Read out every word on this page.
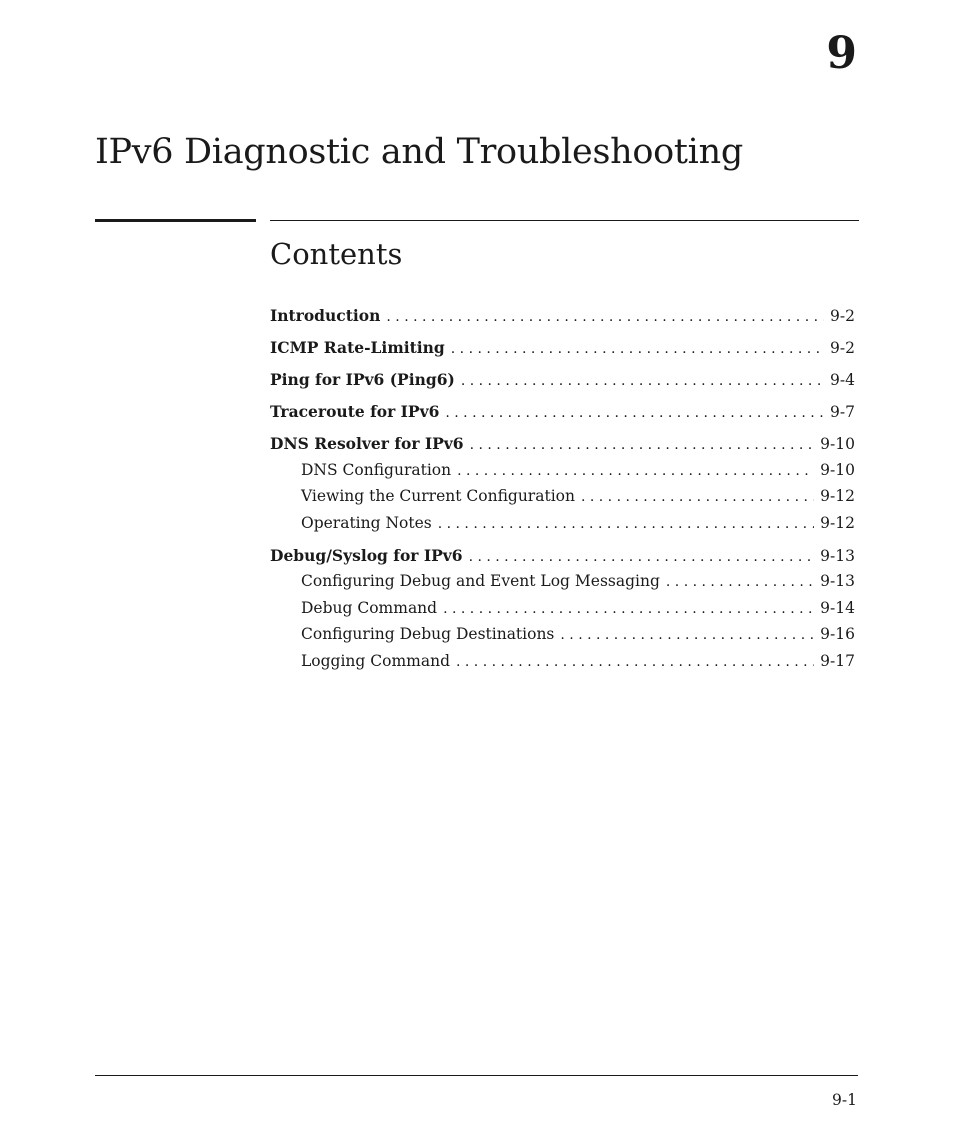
9
IPv6 Diagnostic and Troubleshooting
Contents
Introduction . . .	9-2
ICMP Rate-Limiting . . .	9-2
Ping for IPv6 (Ping6) . . .	9-4
Traceroute for IPv6 . . .	9-7
DNS Resolver for IPv6 . . .	9-10
DNS Configuration . . .	9-10
Viewing the Current Configuration . . .	9-12
Operating Notes . . .	9-12
Debug/Syslog for IPv6 . . .	9-13
Configuring Debug and Event Log Messaging . . .	9-13
Debug Command . . .	9-14
Configuring Debug Destinations . . .	9-16
Logging Command . . .	9-17
9-1
